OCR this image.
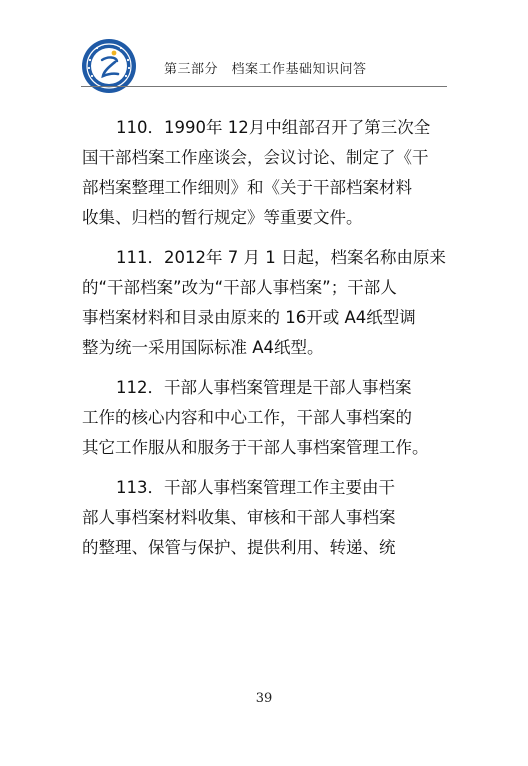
第三部分　档案工作基础知识问答

110．1990年 12月中组部召开了第三次全
国干部档案工作座谈会，会议讨论、制定了《干
部档案整理工作细则》和《关于干部档案材料
收集、归档的暂行规定》等重要文件。

111．2012年 7 月 1 日起，档案名称由原来
的“干部档案”改为“干部人事档案”；干部人
事档案材料和目录由原来的 16开或 A4纸型调
整为统一采用国际标准 A4纸型。

112．干部人事档案管理是干部人事档案
工作的核心内容和中心工作，干部人事档案的
其它工作服从和服务于干部人事档案管理工作。

113．干部人事档案管理工作主要由干
部人事档案材料收集、审核和干部人事档案
的整理、保管与保护、提供利用、转递、统

39
